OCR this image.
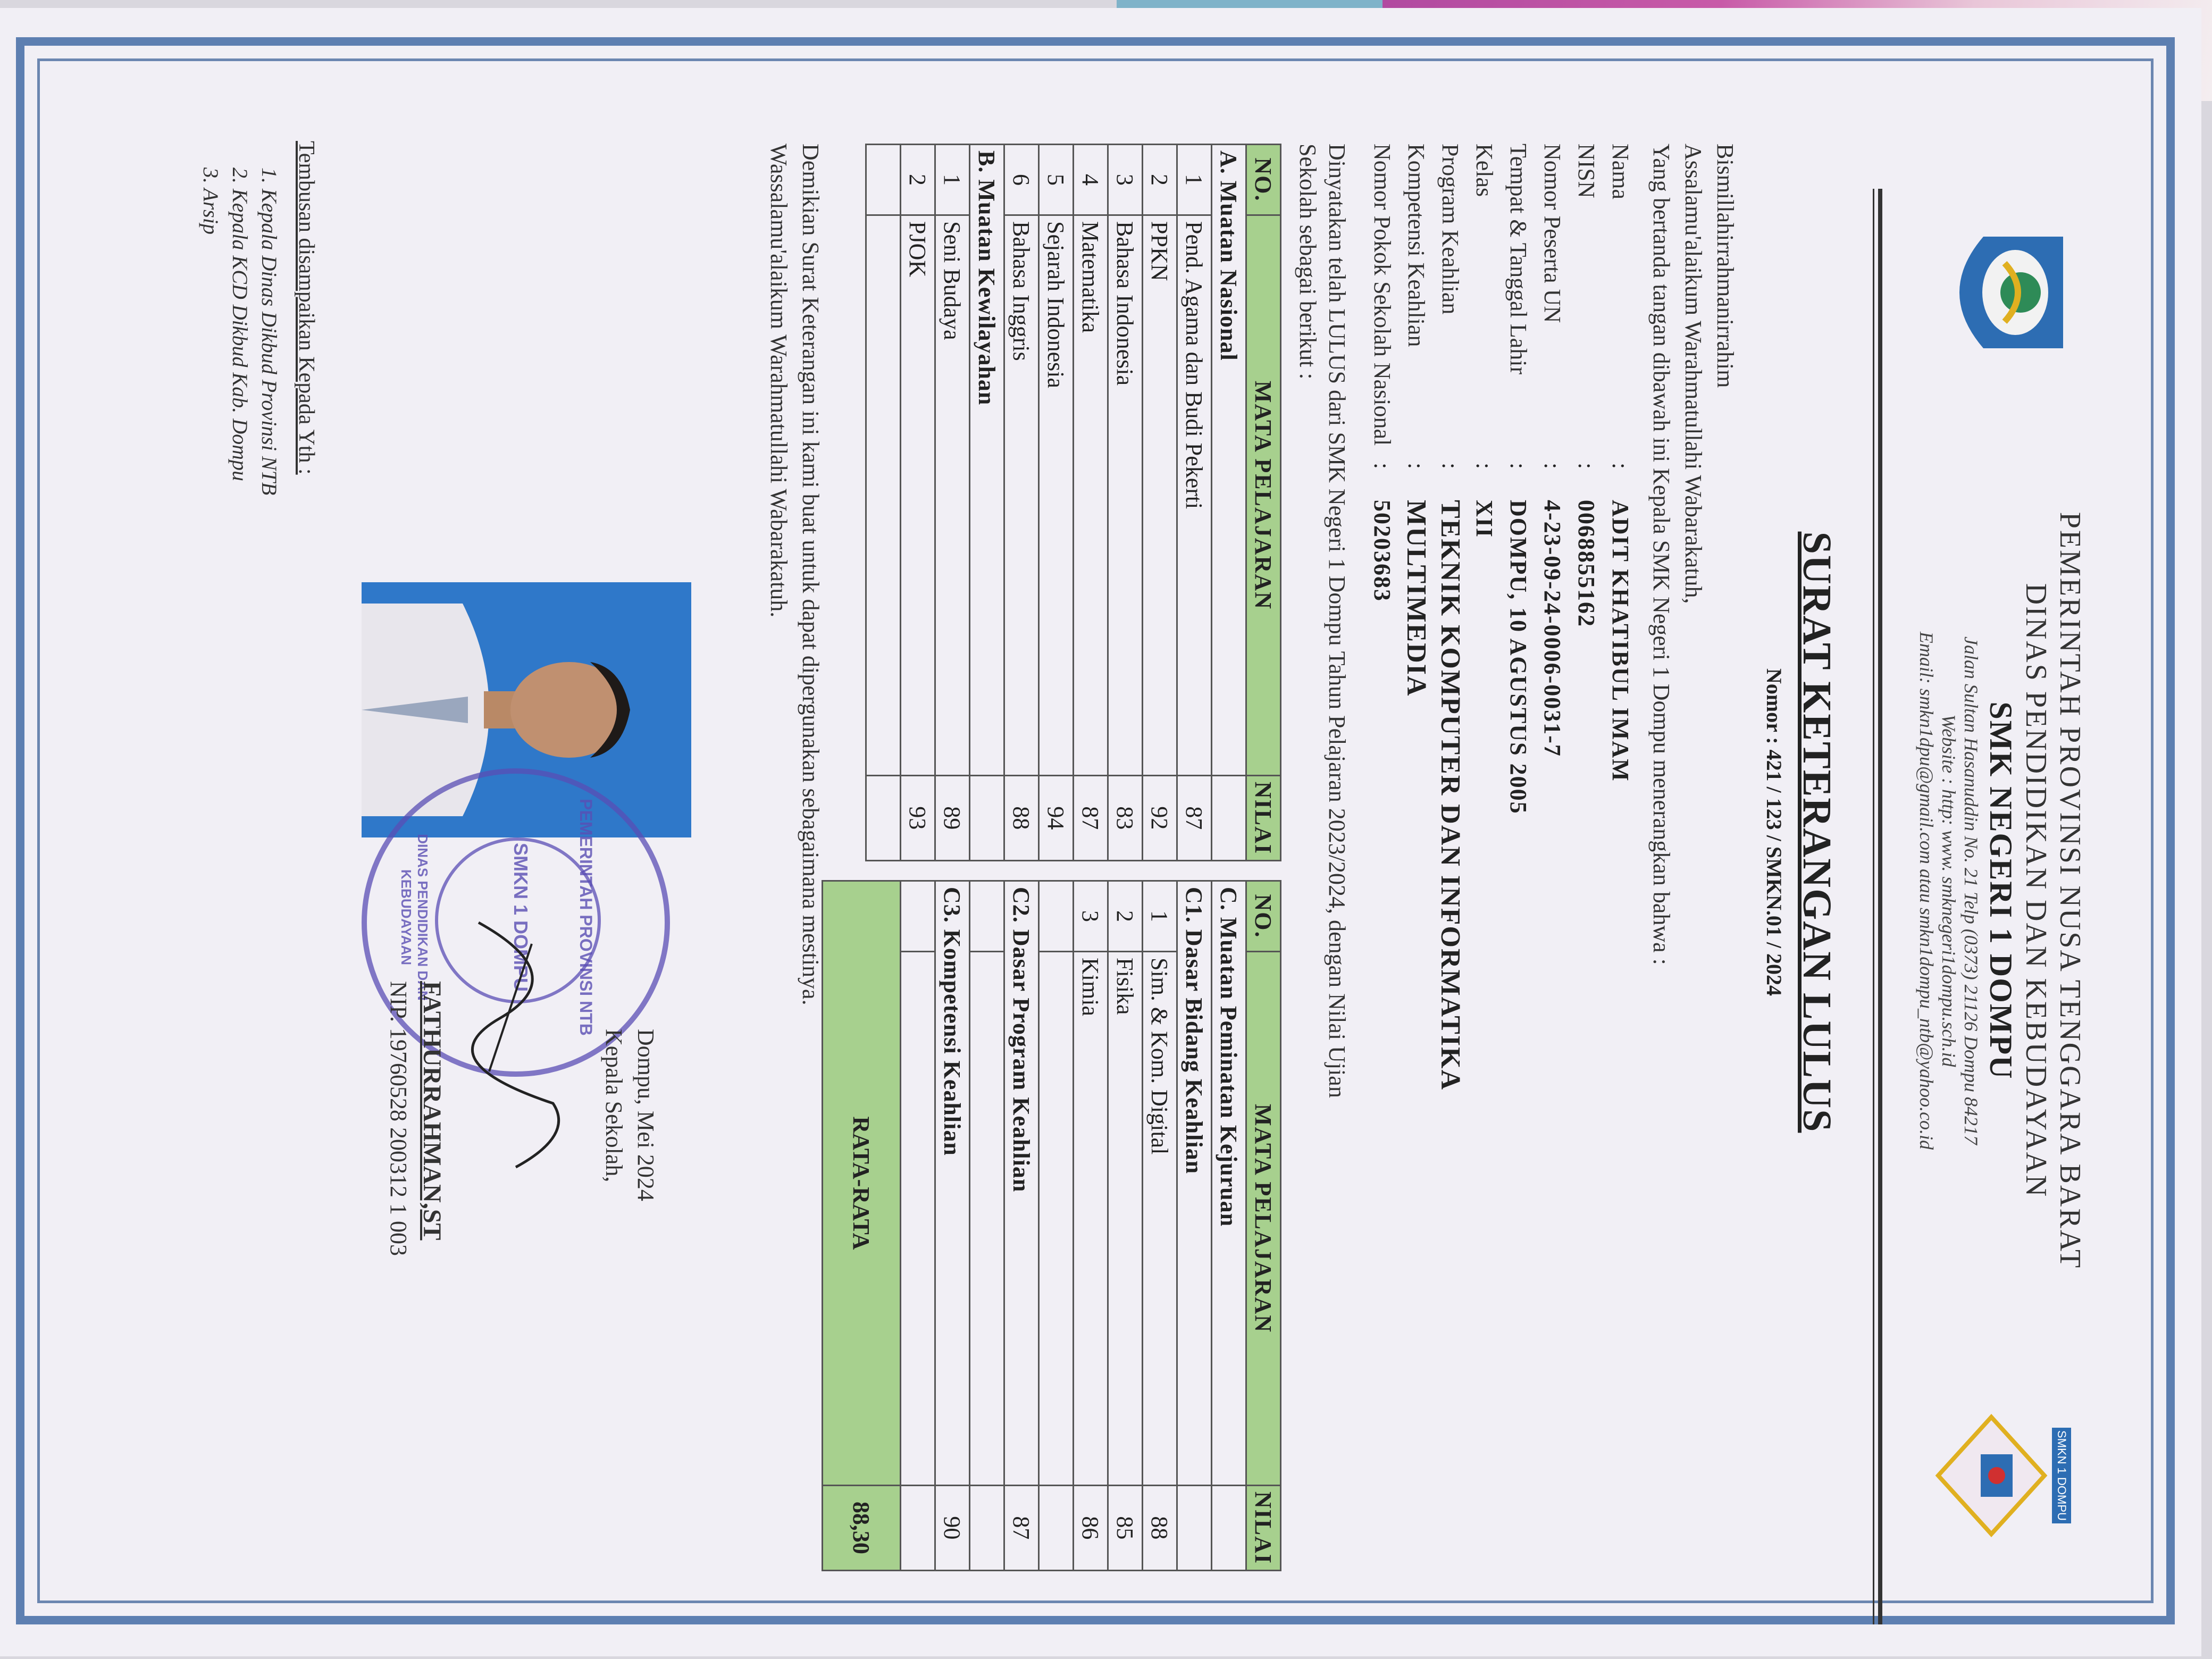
SMKN 1 DOMPU
PEMERINTAH PROVINSI NUSA TENGGARA BARAT
DINAS PENDIDIKAN DAN KEBUDAYAAN
SMK NEGERI 1 DOMPU
Jalan Sultan Hasanuddin No. 21 Telp (0373) 21126 Dompu 84217
Website : http: www. smknegeri1dompu.sch.id
Email: smkn1dpu@gmail.com atau smkn1dompu_ntb@yahoo.co.id
SURAT KETERANGAN LULUS
Nomor : 421 / 123 / SMKN.01 / 2024
Bismillahirrahmanirrahim
Assalamu'alaikum Warahmatullahi Wabarakatuh,
Yang bertanda tangan dibawah ini Kepala SMK Negeri 1 Dompu menerangkan bahwa :
Nama
:
ADIT KHATIBUL IMAM
NISN
:
0068855162
Nomor Peserta UN
:
4-23-09-24-0006-0031-7
Tempat & Tanggal Lahir
:
DOMPU, 10 AGUSTUS 2005
Kelas
:
XII
Program Keahlian
:
TEKNIK KOMPUTER DAN INFORMATIKA
Kompetensi Keahlian
:
MULTIMEDIA
Nomor Pokok Sekolah Nasional
:
50203683
Dinyatakan telah LULUS dari SMK Negeri 1 Dompu Tahun Pelajaran 2023/2024, dengan Nilai Ujian
Sekolah sebagai berikut :
NO.	MATA PELAJARAN	NILAI
A. Muatan Nasional		
1	Pend. Agama dan Budi Pekerti	87
2	PPKN	92
3	Bahasa Indonesia	83
4	Matematika	87
5	Sejarah Indonesia	94
6	Bahasa Inggris	88
B. Muatan Kewilayahan		
1	Seni Budaya	89
2	PJOK	93

NO.	MATA PELAJARAN	NILAI
C. Muatan Peminatan Kejuruan		
C1. Dasar Bidang Keahlian		
1	Sim. & Kom. Digital	88
2	Fisika	85
3	Kimia	86

C2. Dasar Program Keahlian		87

C3. Kompetensi Keahlian		90

RATA-RATA		88,30
Demikian Surat Keterangan ini kami buat untuk dapat dipergunakan sebagaimana mestinya.
Wassalamu'alaikum Warahmatullahi Wabarakatuh.
PEMERINTAH PROVINSI NTB
SMKN 1 DOMPU
DINAS PENDIDIKAN DAN KEBUDAYAAN
Dompu, Mei 2024
Kepala Sekolah,
FATHURRAHMAN,ST
NIP. 19760528 200312 1 003
Tembusan disampaikan Kepada Yth :
1. Kepala Dinas Dikbud Provinsi NTB
2. Kepala KCD Dikbud Kab. Dompu
3. Arsip
